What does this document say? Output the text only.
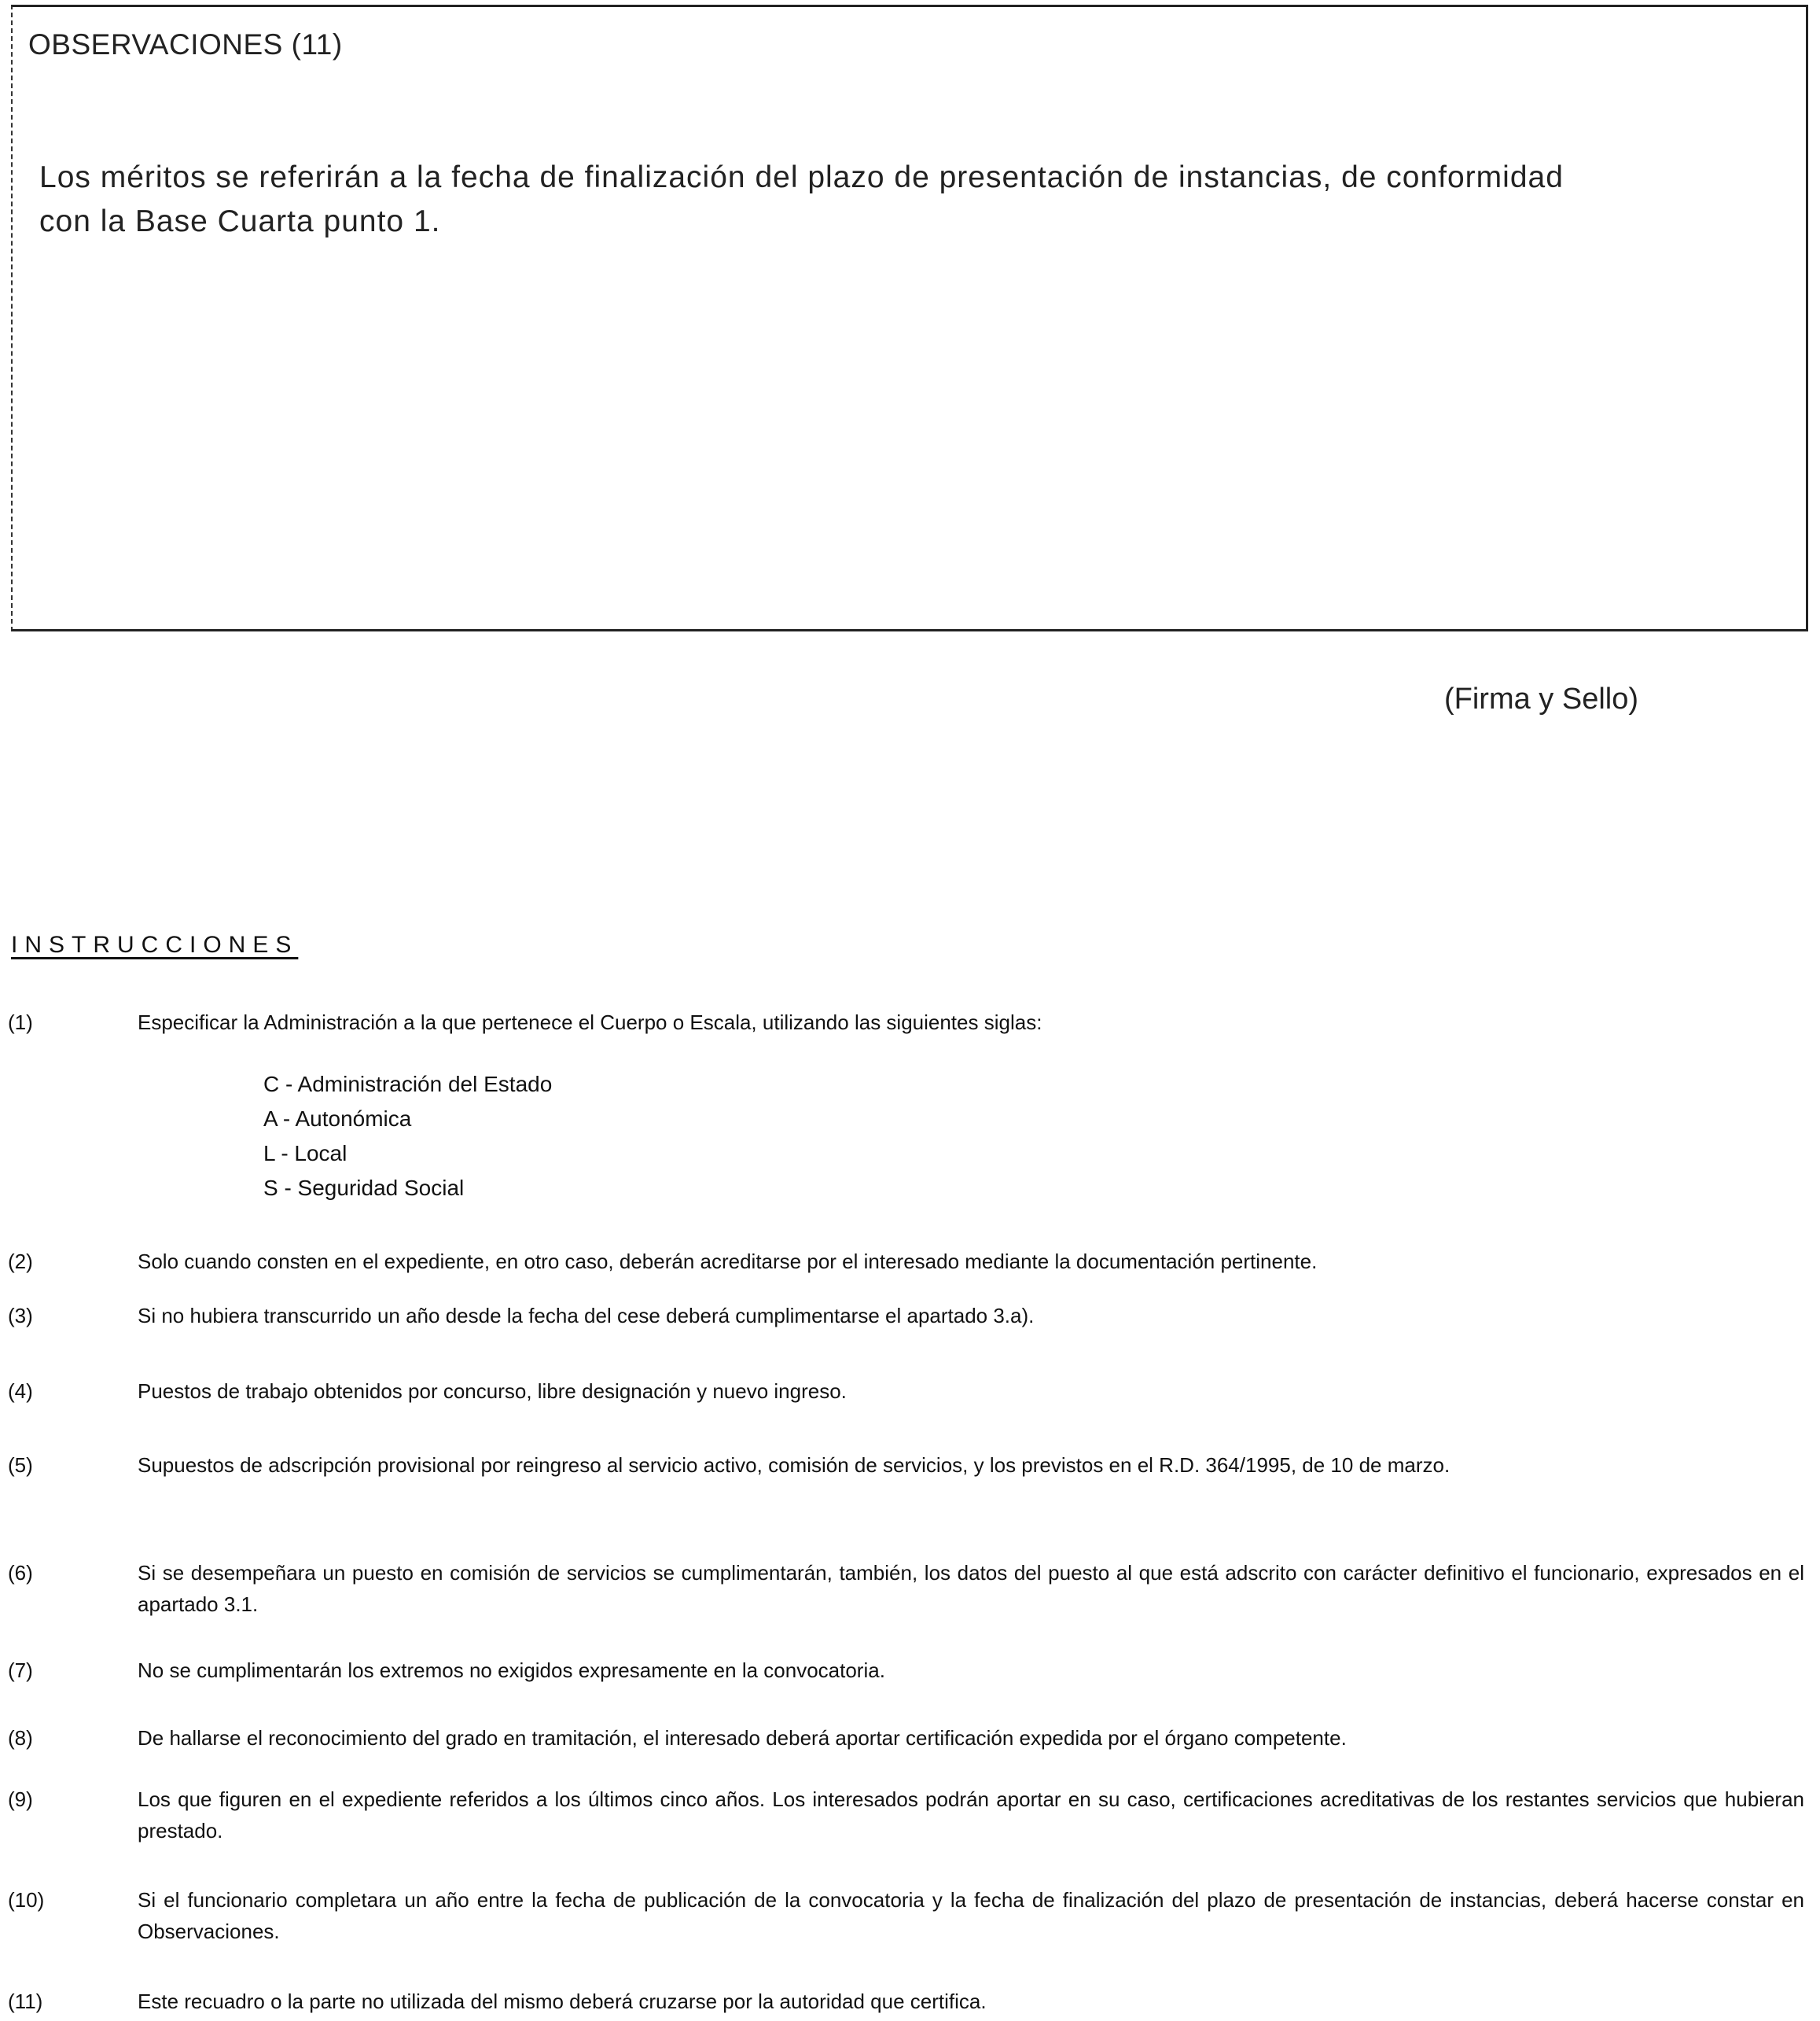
OBSERVACIONES (11)
Los méritos se referirán a la fecha de finalización del plazo de presentación de instancias, de conformidad con la Base Cuarta punto 1.
(Firma y Sello)
INSTRUCCIONES
(1)	Especificar la Administración a la que pertenece el Cuerpo o Escala, utilizando las siguientes siglas:
C - Administración del Estado
A - Autonómica
L - Local
S - Seguridad Social
(2)	Solo cuando consten en el expediente, en otro caso, deberán acreditarse por el interesado mediante la documentación pertinente.
(3)	Si no hubiera transcurrido un año desde la fecha del cese deberá cumplimentarse el apartado 3.a).
(4)	Puestos de trabajo obtenidos por concurso, libre designación y nuevo ingreso.
(5)	Supuestos de adscripción provisional por reingreso al servicio activo, comisión de servicios, y los previstos en el R.D. 364/1995, de 10 de marzo.
(6)	Si se desempeñara un puesto en comisión de servicios se cumplimentarán, también, los datos del puesto al que está adscrito con carácter definitivo el funcionario, expresados en el apartado 3.1.
(7)	No se cumplimentarán los extremos no exigidos expresamente en la convocatoria.
(8)	De hallarse el reconocimiento del grado en tramitación, el interesado deberá aportar certificación expedida por el órgano competente.
(9)	Los que figuren en el expediente referidos a los últimos cinco años. Los interesados podrán aportar en su caso, certificaciones acreditativas de los restantes servicios que hubieran prestado.
(10)	Si el funcionario completara un año entre la fecha de publicación de la convocatoria y la fecha de finalización del plazo de presentación de instancias, deberá hacerse constar en Observaciones.
(11)	Este recuadro o la parte no utilizada del mismo deberá cruzarse por la autoridad que certifica.
